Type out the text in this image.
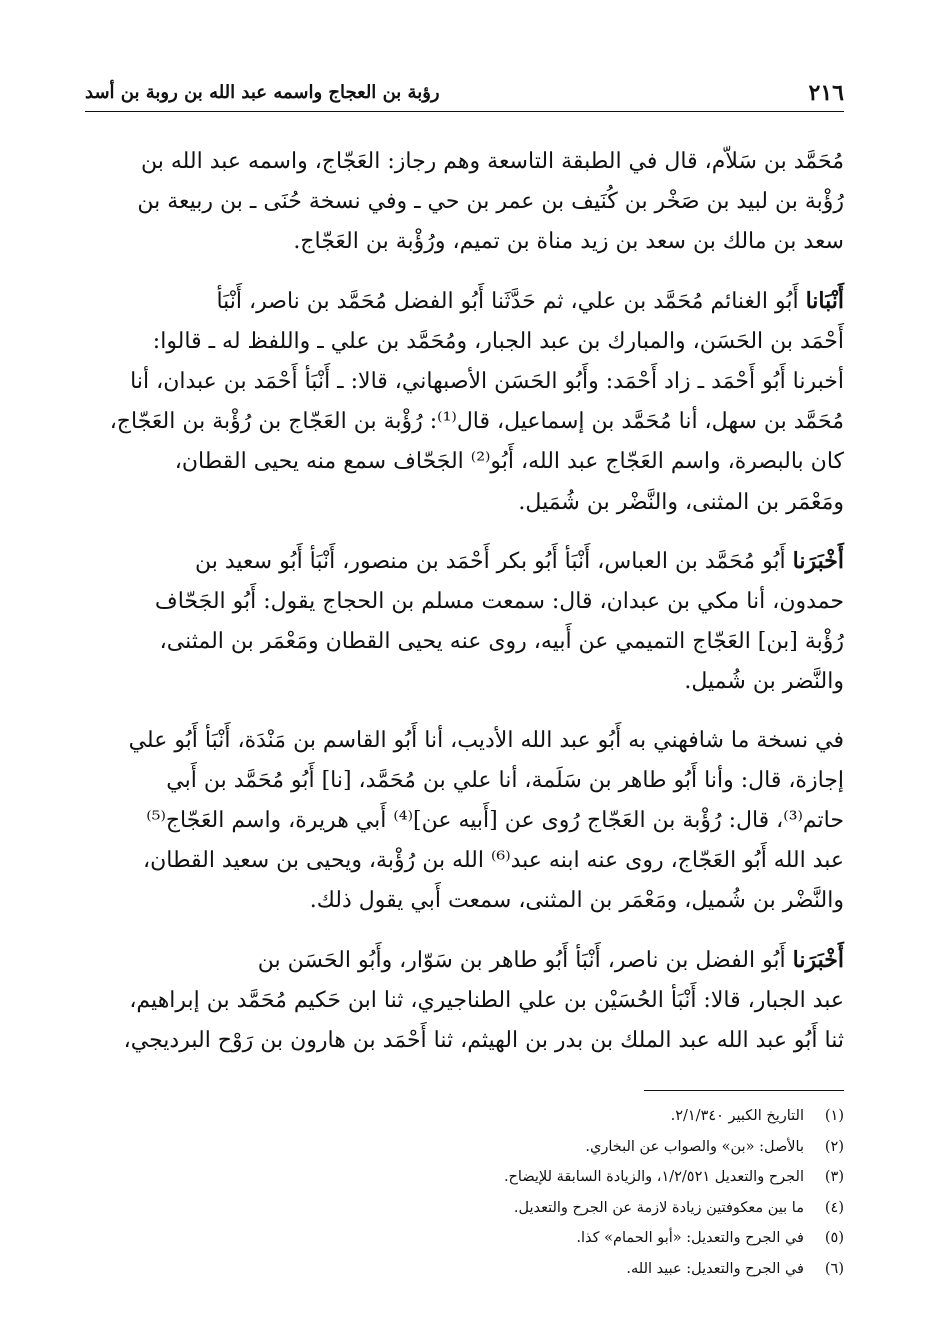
٢١٦
رؤبة بن العجاج واسمه عبد الله بن روبة بن أسد

مُحَمَّد بن سَلاّم، قال في الطبقة التاسعة وهم رجاز: العَجّاج، واسمه عبد الله بن

رُؤْبة بن لبيد بن صَخْر بن كُنَيف بن عمر بن حي ـ وفي نسخة حُنَى ـ بن ربيعة بن

سعد بن مالك بن سعد بن زيد مناة بن تميم، ورُؤْبة بن العَجّاج.

أَنْبَانا أَبُو الغنائم مُحَمَّد بن علي، ثم حَدَّثَنا أَبُو الفضل مُحَمَّد بن ناصر، أَنْبَأ

أَحْمَد بن الحَسَن، والمبارك بن عبد الجبار، ومُحَمَّد بن علي ـ واللفظ له ـ قالوا:

أخبرنا أَبُو أَحْمَد ـ زاد أَحْمَد: وأَبُو الحَسَن الأصبهاني، قالا: ـ أَنْبَأ أَحْمَد بن عبدان، أنا

مُحَمَّد بن سهل، أنا مُحَمَّد بن إسماعيل، قال⁽¹⁾: رُؤْبة بن العَجّاج بن رُؤْبة بن العَجّاج،

كان بالبصرة، واسم العَجّاج عبد الله، أَبُو⁽²⁾ الجَحّاف سمع منه يحيى القطان،

ومَعْمَر بن المثنى، والنَّضْر بن شُمَيل.

أَخْبَرَنا أَبُو مُحَمَّد بن العباس، أَنْبَأ أَبُو بكر أَحْمَد بن منصور، أَنْبَأ أَبُو سعيد بن

حمدون، أنا مكي بن عبدان، قال: سمعت مسلم بن الحجاج يقول: أَبُو الجَحّاف

رُؤْبة [بن] العَجّاج التميمي عن أَبيه، روى عنه يحيى القطان ومَعْمَر بن المثنى،

والنَّضر بن شُميل.

في نسخة ما شافهني به أَبُو عبد الله الأديب، أنا أَبُو القاسم بن مَنْدَة، أَنْبَأ أَبُو علي

إجازة، قال: وأنا أَبُو طاهر بن سَلَمة، أنا علي بن مُحَمَّد، [نا] أَبُو مُحَمَّد بن أَبي

حاتم⁽³⁾، قال: رُؤْبة بن العَجّاج رُوى عن [أَبيه عن]⁽⁴⁾ أَبي هريرة، واسم العَجّاج⁽⁵⁾

عبد الله أَبُو العَجّاج، روى عنه ابنه عبد⁽⁶⁾ الله بن رُؤْبة، ويحيى بن سعيد القطان،

والنَّضْر بن شُميل، ومَعْمَر بن المثنى، سمعت أَبي يقول ذلك.

أَخْبَرَنا أَبُو الفضل بن ناصر، أَنْبَأ أَبُو طاهر بن سَوّار، وأَبُو الحَسَن بن

عبد الجبار، قالا: أَنْبَأ الحُسَيْن بن علي الطناجيري، ثنا ابن حَكيم مُحَمَّد بن إبراهيم،

ثنا أَبُو عبد الله عبد الملك بن بدر بن الهيثم، ثنا أَحْمَد بن هارون بن رَوْح البرديجي،

(١)التاريخ الكبير ٢/١/٣٤٠.
(٢)بالأصل: «بن» والصواب عن البخاري.
(٣)الجرح والتعديل ١/٢/٥٢١، والزيادة السابقة للإيضاح.
(٤)ما بين معكوفتين زيادة لازمة عن الجرح والتعديل.
(٥)في الجرح والتعديل: «أبو الحمام» كذا.
(٦)في الجرح والتعديل: عبيد الله.
